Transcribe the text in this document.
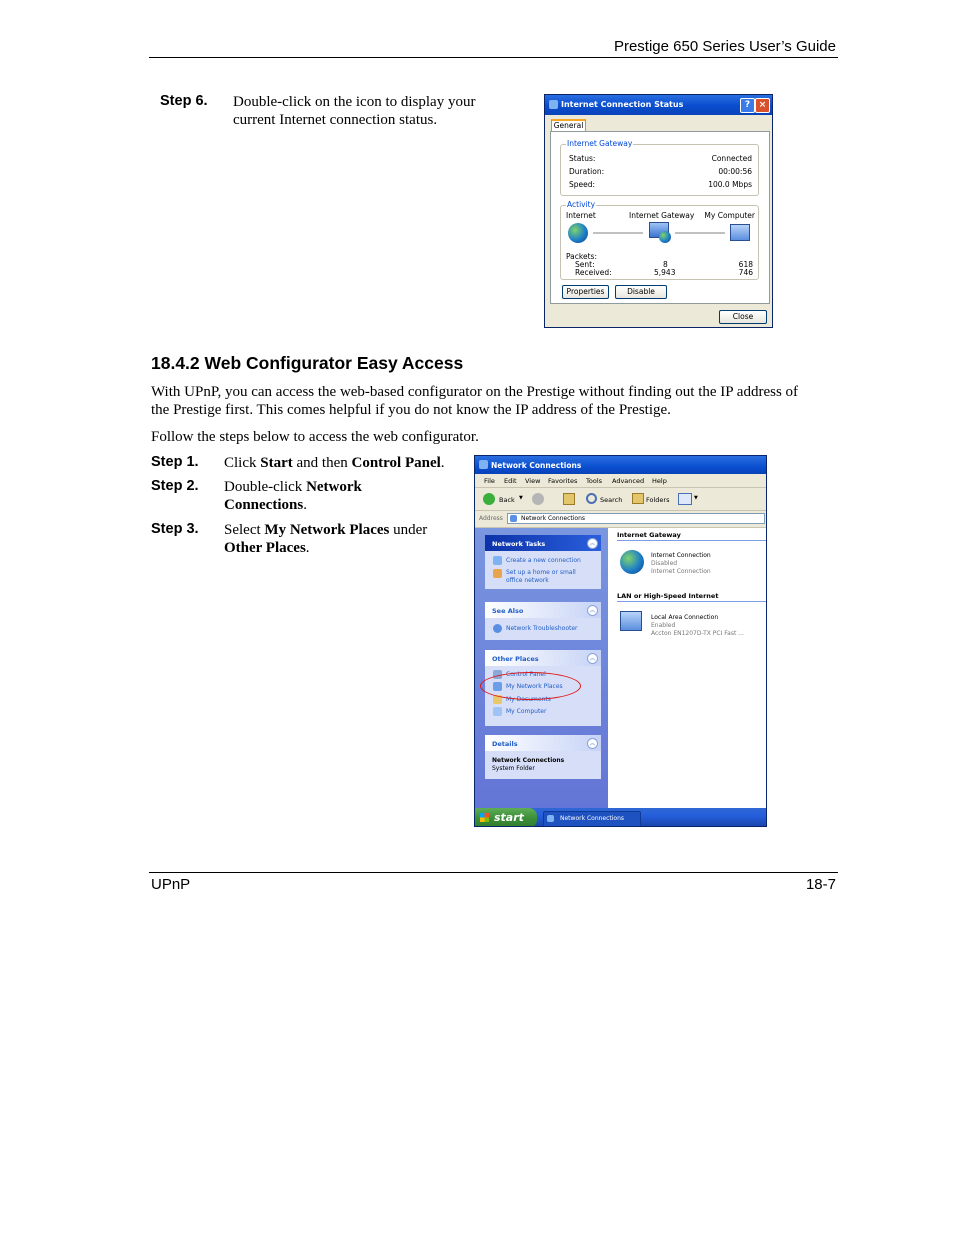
Prestige 650 Series User’s Guide
Step 6. Double-click on the icon to display your
current Internet connection status.
Internet Connection Status	? ×
General
Internet Gateway
Status:	Connected
Duration:	00:00:56
Speed:	100.0 Mbps
Activity
Internet	Internet Gateway My Computer
Packets:
Sent:	8	618
Received:	5,943	746
Properties	Disable
Close
18.4.2 Web Configurator Easy Access
With UPnP, you can access the web-based configurator on the Prestige without finding out the IP address of
the Prestige first. This comes helpful if you do not know the IP address of the Prestige.
Follow the steps below to access the web configurator.
Step 1. Click Start and then Control Panel.
Step 2. Double-click Network
Connections.
Step 3. Select My Network Places under
Other Places.
Network Connections
File Edit View Favorites Tools Advanced Help
Back ▼	Search	Folders	▼
Address	Network Connections
Network Tasks	︽
Create a new connection
Set up a home or small
office network
See Also	︽
Network Troubleshooter
Other Places	︽
Control Panel
My Network Places
My Documents
My Computer
Details	︽
Network Connections
System Folder
Internet Gateway
Internet Connection
Disabled
Internet Connection
LAN or High-Speed Internet
Local Area Connection
Enabled
Accton EN1207D-TX PCI Fast ...
start	Network Connections
UPnP	18-7
